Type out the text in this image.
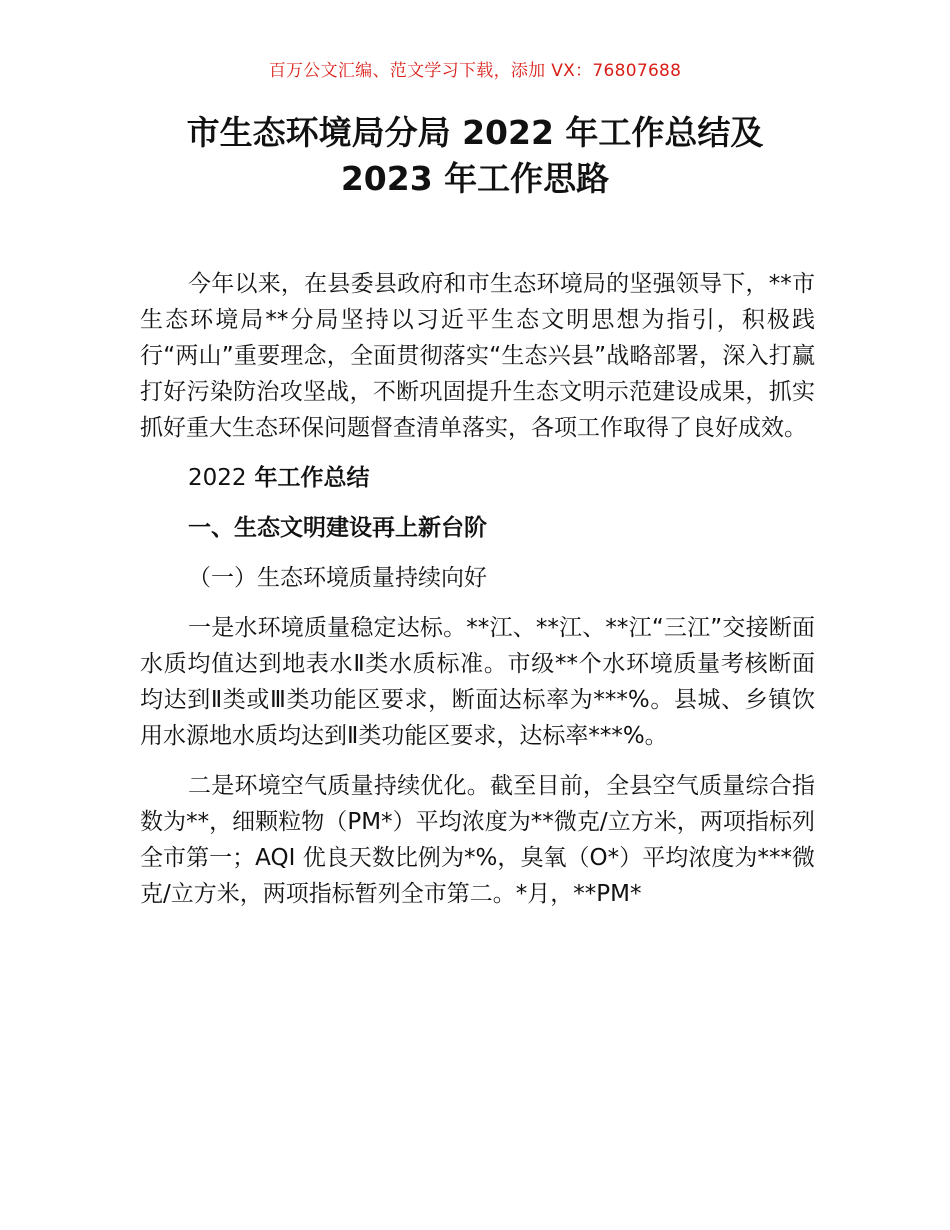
百万公文汇编、范文学习下载，添加 VX：76807688
市生态环境局分局 2022 年工作总结及
2023 年工作思路

今年以来，在县委县政府和市生态环境局的坚强领导下，**市生态环境局**分局坚持以习近平生态文明思想为指引，积极践行“两山”重要理念，全面贯彻落实“生态兴县”战略部署，深入打赢打好污染防治攻坚战，不断巩固提升生态文明示范建设成果，抓实抓好重大生态环保问题督查清单落实，各项工作取得了良好成效。

2022 年工作总结

一、生态文明建设再上新台阶

（一）生态环境质量持续向好

一是水环境质量稳定达标。**江、**江、**江“三江”交接断面水质均值达到地表水Ⅱ类水质标准。市级**个水环境质量考核断面均达到Ⅱ类或Ⅲ类功能区要求，断面达标率为***%。县城、乡镇饮用水源地水质均达到Ⅱ类功能区要求，达标率***%。

二是环境空气质量持续优化。截至目前，全县空气质量综合指数为**，细颗粒物（PM*）平均浓度为**微克/立方米，两项指标列全市第一；AQI 优良天数比例为*%，臭氧（O*）平均浓度为***微克/立方米，两项指标暂列全市第二。*月，**PM*
